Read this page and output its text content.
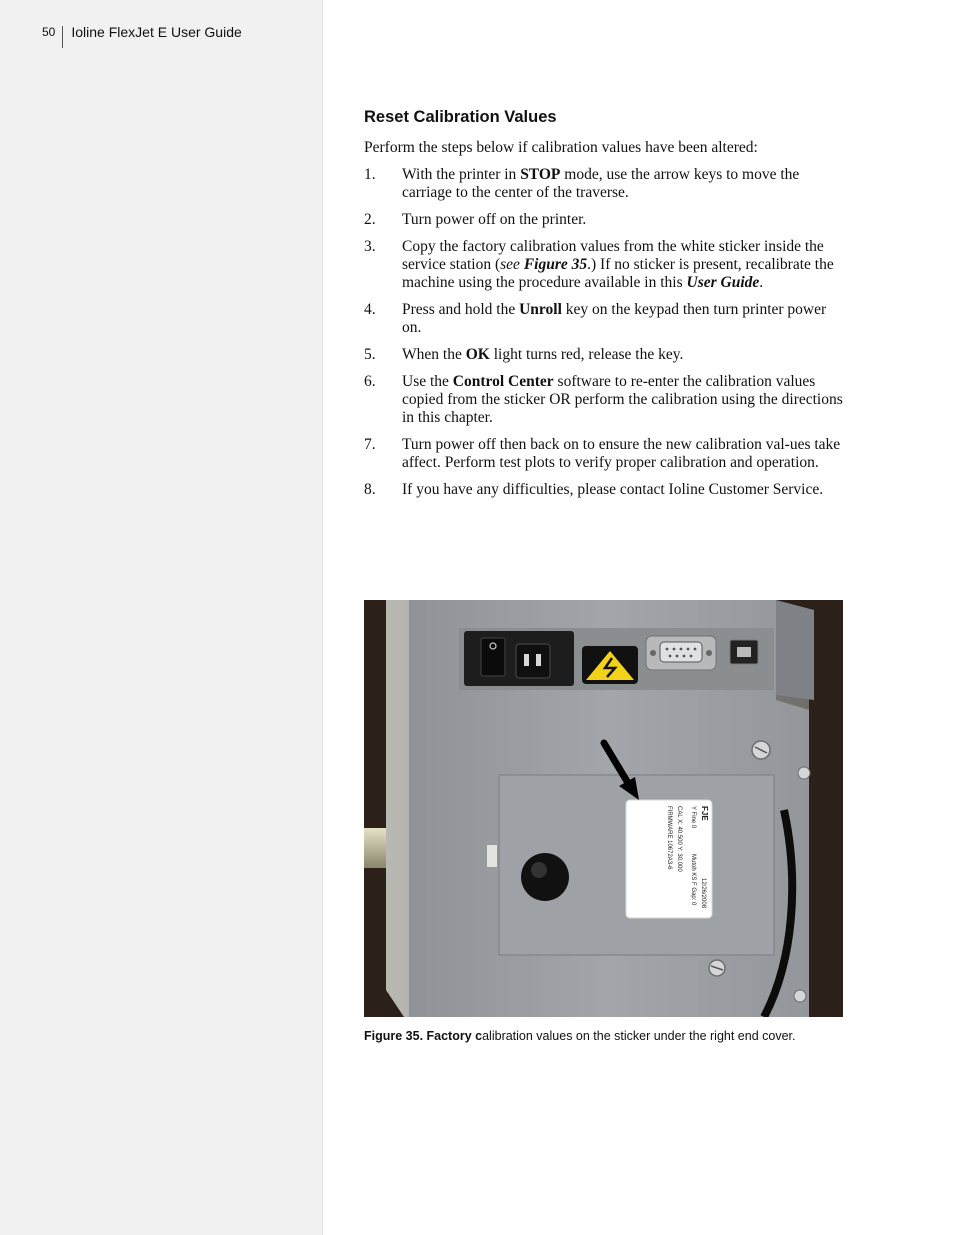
50 Ioline FlexJet E User Guide
Reset Calibration Values

Perform the steps below if calibration values have been altered:

1. With the printer in STOP mode, use the arrow keys to move the carriage to the center of the traverse.
2. Turn power off on the printer.
3. Copy the factory calibration values from the white sticker inside the service station (see Figure 35.) If no sticker is present, recalibrate the machine using the procedure available in this User Guide.
4. Press and hold the Unroll key on the keypad then turn printer power on.
5. When the OK light turns red, release the key.
6. Use the Control Center software to re-enter the calibration values copied from the sticker OR perform the calibration using the directions in this chapter.
7. Turn power off then back on to ensure the new calibration val-ues take affect. Perform test plots to verify proper calibration and operation.
8. If you have any difficulties, please contact Ioline Customer Service.
FJE
Y Fine 0
CAL X: 40.500 Y: 30.000
FIRMWARE 10672A3-6
Mutoh KS F Gap: 0 12/26/2008
Figure 35. Factory calibration values on the sticker under the right end cover.
